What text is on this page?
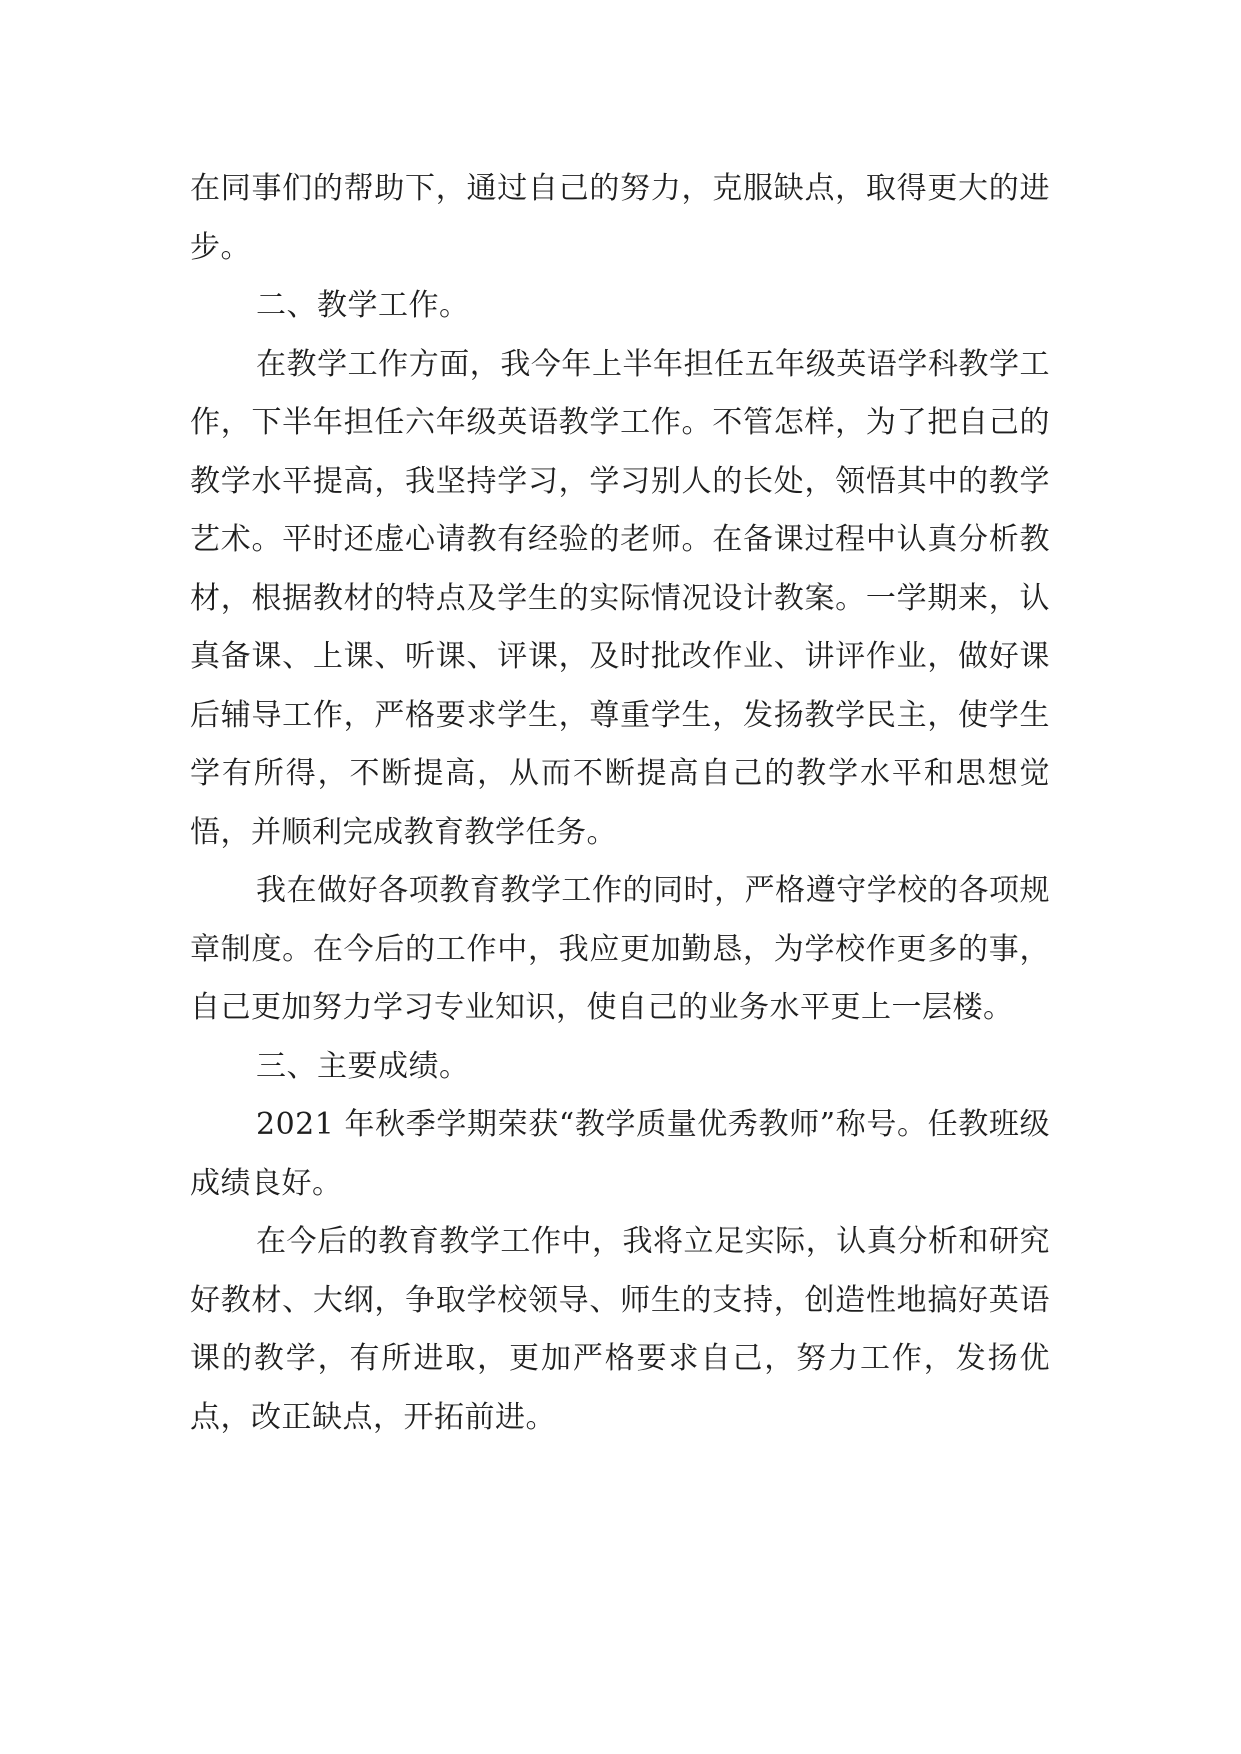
在同事们的帮助下，通过自己的努力，克服缺点，取得更大的进步。

二、教学工作。

在教学工作方面，我今年上半年担任五年级英语学科教学工作，下半年担任六年级英语教学工作。不管怎样，为了把自己的教学水平提高，我坚持学习，学习别人的长处，领悟其中的教学艺术。平时还虚心请教有经验的老师。在备课过程中认真分析教材，根据教材的特点及学生的实际情况设计教案。一学期来，认真备课、上课、听课、评课，及时批改作业、讲评作业，做好课后辅导工作，严格要求学生，尊重学生，发扬教学民主，使学生学有所得，不断提高，从而不断提高自己的教学水平和思想觉悟，并顺利完成教育教学任务。

我在做好各项教育教学工作的同时，严格遵守学校的各项规章制度。在今后的工作中，我应更加勤恳，为学校作更多的事，自己更加努力学习专业知识，使自己的业务水平更上一层楼。

三、主要成绩。

2021 年秋季学期荣获“教学质量优秀教师”称号。任教班级成绩良好。

在今后的教育教学工作中，我将立足实际，认真分析和研究好教材、大纲，争取学校领导、师生的支持，创造性地搞好英语课的教学，有所进取，更加严格要求自己，努力工作，发扬优点，改正缺点，开拓前进。
